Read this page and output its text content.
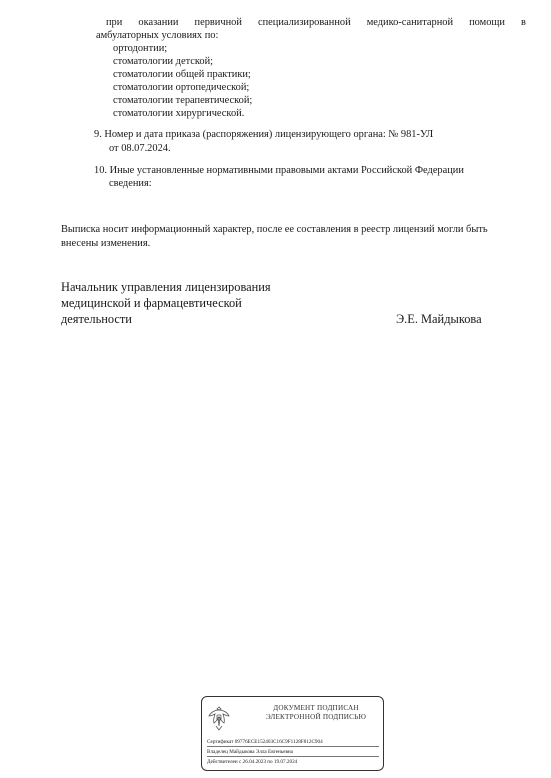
при оказании первичной специализированной медико-санитарной помощи в
амбулаторных условиях по:
ортодонтии;
стоматологии детской;
стоматологии общей практики;
стоматологии ортопедической;
стоматологии терапевтической;
стоматологии хирургической.
9. Номер и дата приказа (распоряжения) лицензирующего органа: № 981-УЛ
от 08.07.2024.
10. Иные установленные нормативными правовыми актами Российской Федерации
сведения:
Выписка носит информационный характер, после ее составления в реестр лицензий могли быть
внесены изменения.
Начальник управления лицензирования
медицинской и фармацевтической
деятельности	Э.Е. Майдыкова
ДОКУМЕНТ ПОДПИСАН
ЭЛЕКТРОННОЙ ПОДПИСЬЮ
Сертификат 09776ECE152403C16C9F1128F812C904
Владелец Майдыкова Элла Евгеньевна
Действителен с 26.04.2023 по 19.07.2024
